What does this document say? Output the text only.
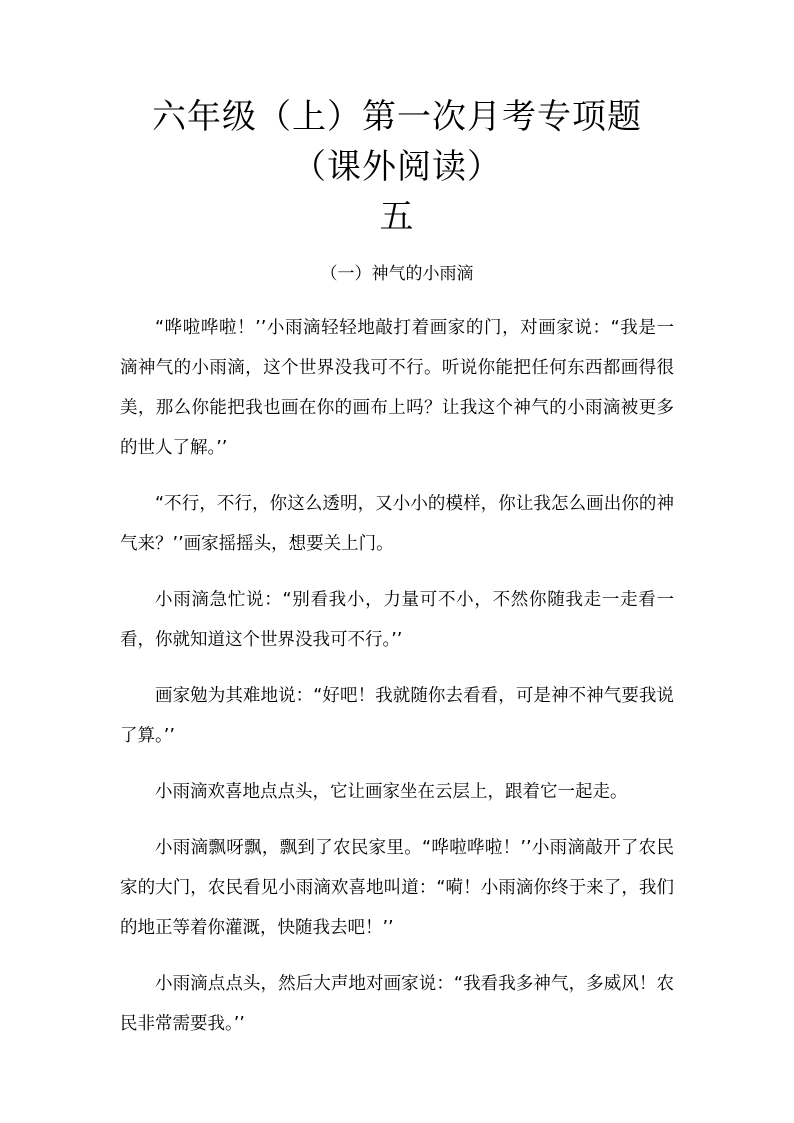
六年级（上）第一次月考专项题（课外阅读）
五
（一）神气的小雨滴

“哗啦哗啦！’’小雨滴轻轻地敲打着画家的门，对画家说：“我是一滴神气的小雨滴，这个世界没我可不行。听说你能把任何东西都画得很美，那么你能把我也画在你的画布上吗？让我这个神气的小雨滴被更多的世人了解。’’

“不行，不行，你这么透明，又小小的模样，你让我怎么画出你的神气来？’’画家摇摇头，想要关上门。

小雨滴急忙说：“别看我小，力量可不小，不然你随我走一走看一看，你就知道这个世界没我可不行。’’

画家勉为其难地说：“好吧！我就随你去看看，可是神不神气要我说了算。’’

小雨滴欢喜地点点头，它让画家坐在云层上，跟着它一起走。

小雨滴飘呀飘，飘到了农民家里。“哗啦哗啦！’’小雨滴敲开了农民家的大门，农民看见小雨滴欢喜地叫道：“嗬！小雨滴你终于来了，我们的地正等着你灌溉，快随我去吧！’’

小雨滴点点头，然后大声地对画家说：“我看我多神气，多威风！农民非常需要我。’’
